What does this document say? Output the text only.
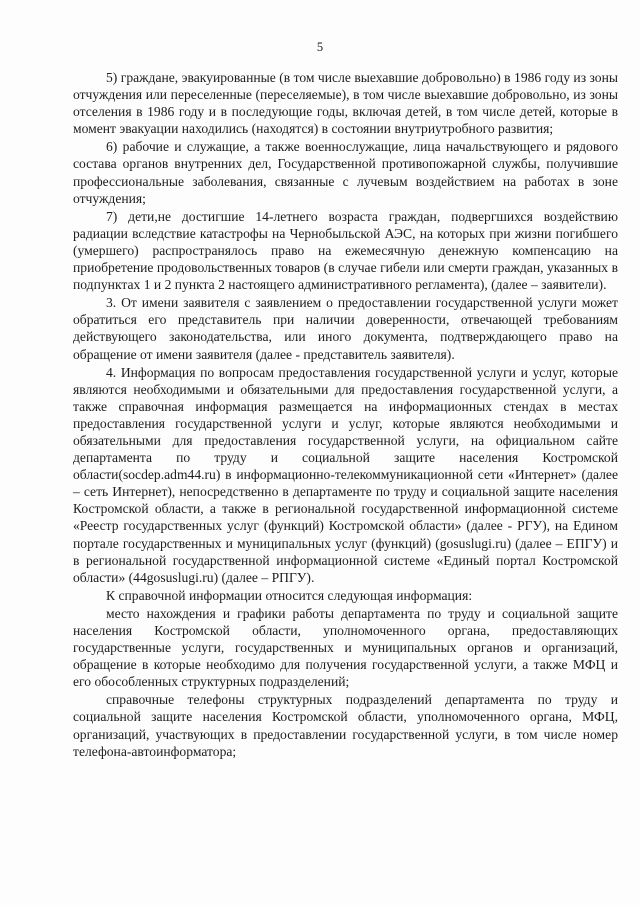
5

5) граждане, эвакуированные (в том числе выехавшие добровольно) в 1986 году из зоны отчуждения или переселенные (переселяемые), в том числе выехавшие добровольно, из зоны отселения в 1986 году и в последующие годы, включая детей, в том числе детей, которые в момент эвакуации находились (находятся) в состоянии внутриутробного развития;

6) рабочие и служащие, а также военнослужащие, лица начальствующего и рядового состава органов внутренних дел, Государственной противопожарной службы, получившие профессиональные заболевания, связанные с лучевым воздействием на работах в зоне отчуждения;

7) дети,не достигшие 14-летнего возраста граждан, подвергшихся воздействию радиации вследствие катастрофы на Чернобыльской АЭС, на которых при жизни погибшего (умершего) распространялось право на ежемесячную денежную компенсацию на приобретение продовольственных товаров (в случае гибели или смерти граждан, указанных в подпунктах 1 и 2 пункта 2 настоящего административного регламента), (далее – заявители).

3. От имени заявителя с заявлением о предоставлении государственной услуги может обратиться его представитель при наличии доверенности, отвечающей требованиям действующего законодательства, или иного документа, подтверждающего право на обращение от имени заявителя (далее - представитель заявителя).

4. Информация по вопросам предоставления государственной услуги и услуг, которые являются необходимыми и обязательными для предоставления государственной услуги, а также справочная информация размещается на информационных стендах в местах предоставления государственной услуги и услуг, которые являются необходимыми и обязательными для предоставления государственной услуги, на официальном сайте департамента по труду и социальной защите населения Костромской области(socdep.adm44.ru) в информационно-телекоммуникационной сети «Интернет» (далее – сеть Интернет), непосредственно в департаменте по труду и социальной защите населения Костромской области, а также в региональной государственной информационной системе «Реестр государственных услуг (функций) Костромской области» (далее - РГУ), на Едином портале государственных и муниципальных услуг (функций) (gosuslugi.ru) (далее – ЕПГУ) и в региональной государственной информационной системе «Единый портал Костромской области» (44gosuslugi.ru) (далее – РПГУ).

К справочной информации относится следующая информация:

место нахождения и графики работы департамента по труду и социальной защите населения Костромской области, уполномоченного органа, предоставляющих государственные услуги, государственных и муниципальных органов и организаций, обращение в которые необходимо для получения государственной услуги, а также МФЦ и его обособленных структурных подразделений;

справочные телефоны структурных подразделений департамента по труду и социальной защите населения Костромской области, уполномоченного органа, МФЦ, организаций, участвующих в предоставлении государственной услуги, в том числе номер телефона-автоинформатора;
